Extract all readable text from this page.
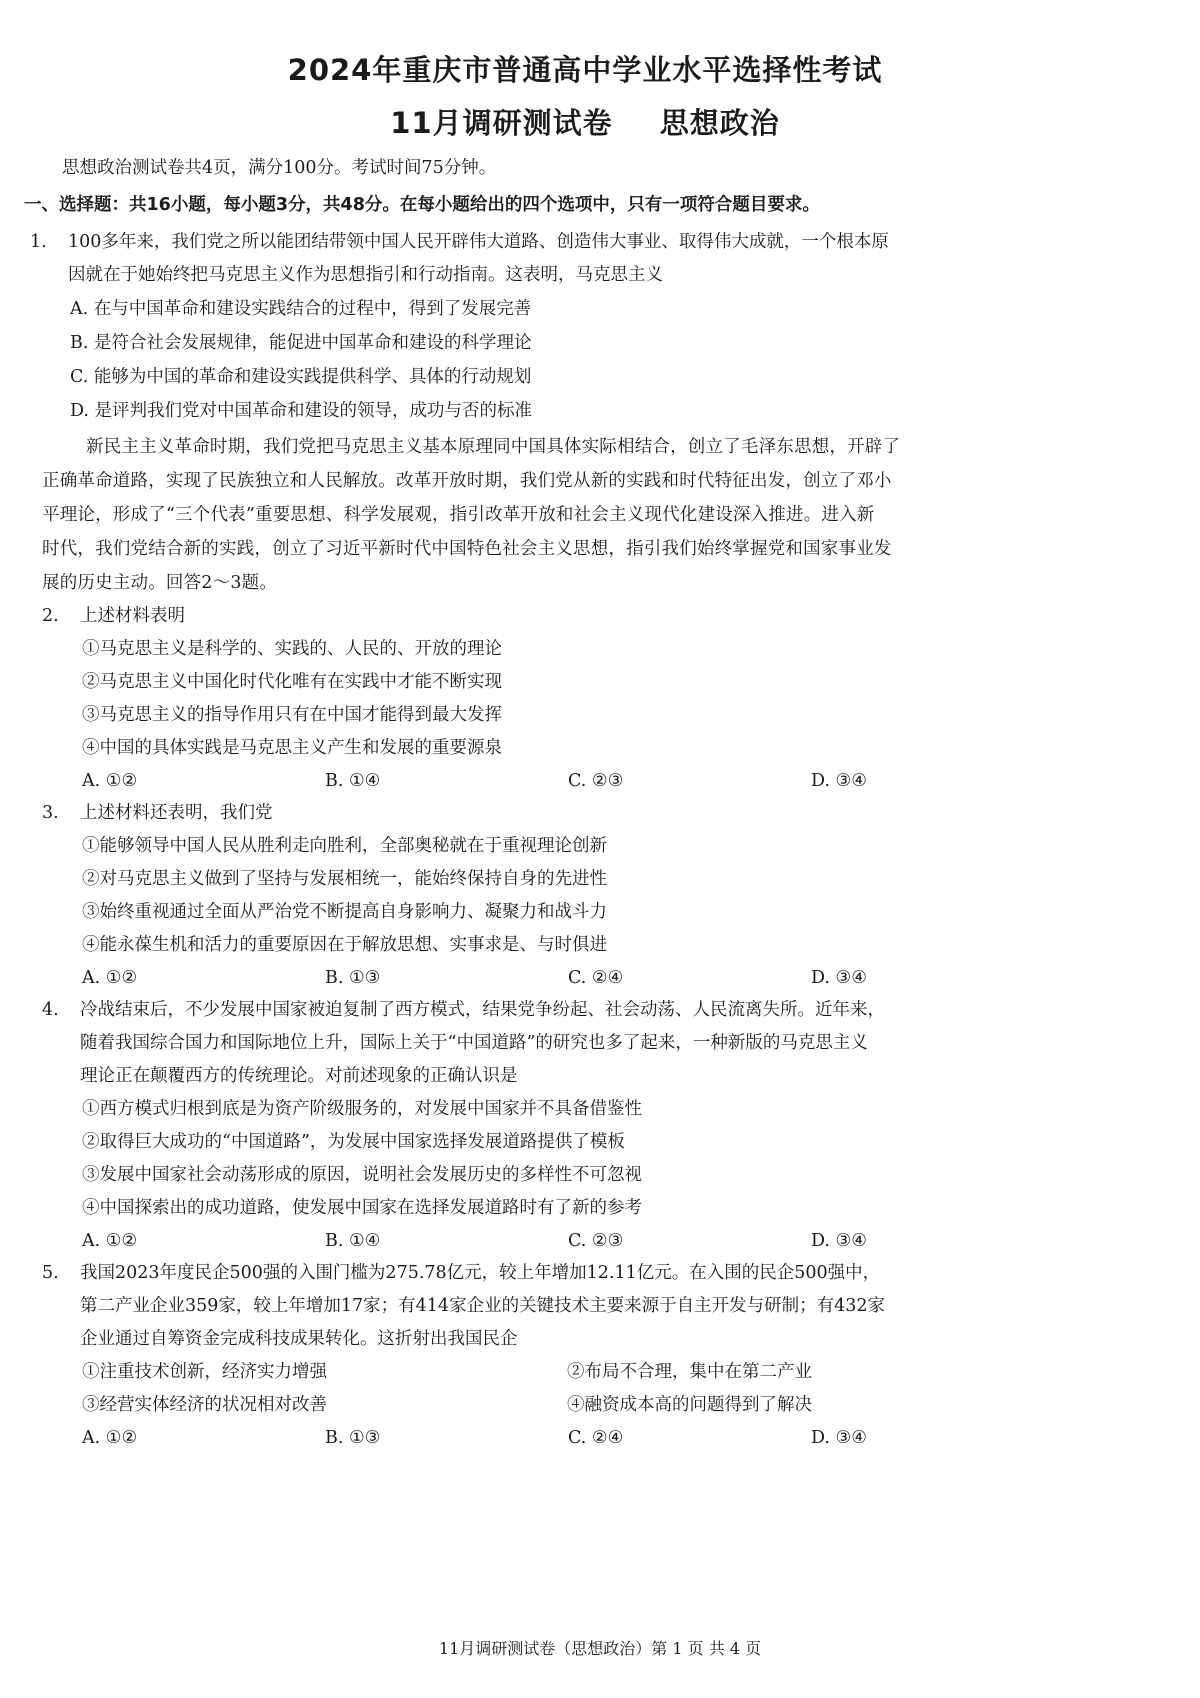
2024年重庆市普通高中学业水平选择性考试
11月调研测试卷 思想政治
思想政治测试卷共4页，满分100分。考试时间75分钟。
一、选择题：共16小题，每小题3分，共48分。在每小题给出的四个选项中，只有一项符合题目要求。
1.	100多年来，我们党之所以能团结带领中国人民开辟伟大道路、创造伟大事业、取得伟大成就，一个根本原
因就在于她始终把马克思主义作为思想指引和行动指南。这表明，马克思主义
A. 在与中国革命和建设实践结合的过程中，得到了发展完善
B. 是符合社会发展规律，能促进中国革命和建设的科学理论
C. 能够为中国的革命和建设实践提供科学、具体的行动规划
D. 是评判我们党对中国革命和建设的领导，成功与否的标准
新民主主义革命时期，我们党把马克思主义基本原理同中国具体实际相结合，创立了毛泽东思想，开辟了
正确革命道路，实现了民族独立和人民解放。改革开放时期，我们党从新的实践和时代特征出发，创立了邓小
平理论，形成了“三个代表”重要思想、科学发展观，指引改革开放和社会主义现代化建设深入推进。进入新
时代，我们党结合新的实践，创立了习近平新时代中国特色社会主义思想，指引我们始终掌握党和国家事业发
展的历史主动。回答2～3题。
2.	上述材料表明
①马克思主义是科学的、实践的、人民的、开放的理论
②马克思主义中国化时代化唯有在实践中才能不断实现
③马克思主义的指导作用只有在中国才能得到最大发挥
④中国的具体实践是马克思主义产生和发展的重要源泉
A. ①②	B. ①④	C. ②③	D. ③④
3.	上述材料还表明，我们党
①能够领导中国人民从胜利走向胜利，全部奥秘就在于重视理论创新
②对马克思主义做到了坚持与发展相统一，能始终保持自身的先进性
③始终重视通过全面从严治党不断提高自身影响力、凝聚力和战斗力
④能永葆生机和活力的重要原因在于解放思想、实事求是、与时俱进
A. ①②	B. ①③	C. ②④	D. ③④
4.	冷战结束后，不少发展中国家被迫复制了西方模式，结果党争纷起、社会动荡、人民流离失所。近年来，
随着我国综合国力和国际地位上升，国际上关于“中国道路”的研究也多了起来，一种新版的马克思主义
理论正在颠覆西方的传统理论。对前述现象的正确认识是
①西方模式归根到底是为资产阶级服务的，对发展中国家并不具备借鉴性
②取得巨大成功的“中国道路”，为发展中国家选择发展道路提供了模板
③发展中国家社会动荡形成的原因，说明社会发展历史的多样性不可忽视
④中国探索出的成功道路，使发展中国家在选择发展道路时有了新的参考
A. ①②	B. ①④	C. ②③	D. ③④
5.	我国2023年度民企500强的入围门槛为275.78亿元，较上年增加12.11亿元。在入围的民企500强中，
第二产业企业359家，较上年增加17家；有414家企业的关键技术主要来源于自主开发与研制；有432家
企业通过自筹资金完成科技成果转化。这折射出我国民企
①注重技术创新，经济实力增强	②布局不合理，集中在第二产业
③经营实体经济的状况相对改善	④融资成本高的问题得到了解决
A. ①②	B. ①③	C. ②④	D. ③④
11月调研测试卷（思想政治）第 1 页 共 4 页
